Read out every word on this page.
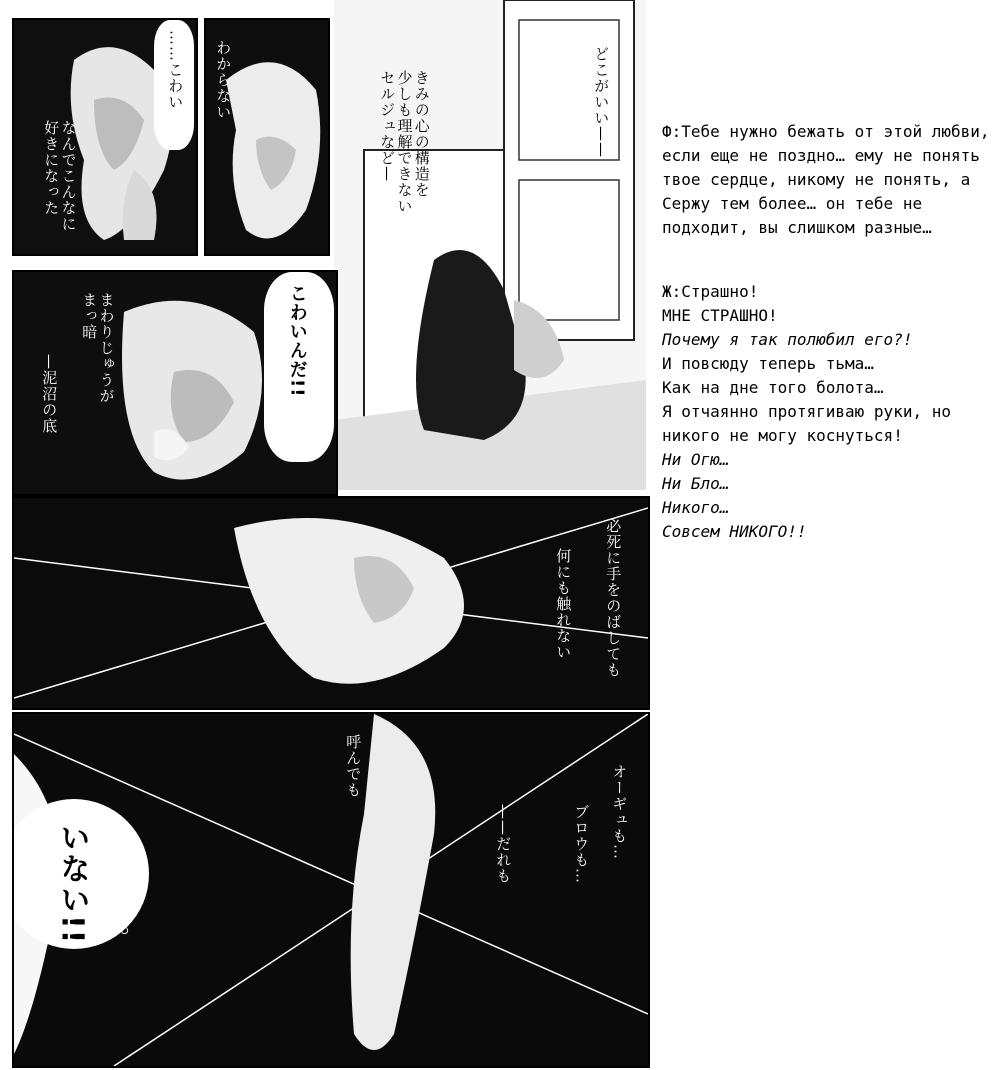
なんでこんなに
好きになった
……こわい わからない	きみの心の構造を
少しも理解できない
セルジュなど—	どこがいい——
まわりじゅうが
まっ暗
—泥沼の底	こわいんだ!!
必死に手をのばしても
何にも触れない
いない!! 何も——だれも
呼んでも
——だれも	オーギュも…
ブロウも…

Ф:Тебе нужно бежать от этой любви, если еще не поздно… ему не понять твое сердце, никому не понять, а Сержу тем более… он тебе не подходит, вы слишком разные…

Ж:Страшно!

МНЕ СТРАШНО!

Почему я так полюбил его?!

И повсюду теперь тьма…

Как на дне того болота…

Я отчаянно протягиваю руки, но никого не могу коснуться!

Ни Огю…

Ни Бло…

Никого…

Совсем НИКОГО!!
